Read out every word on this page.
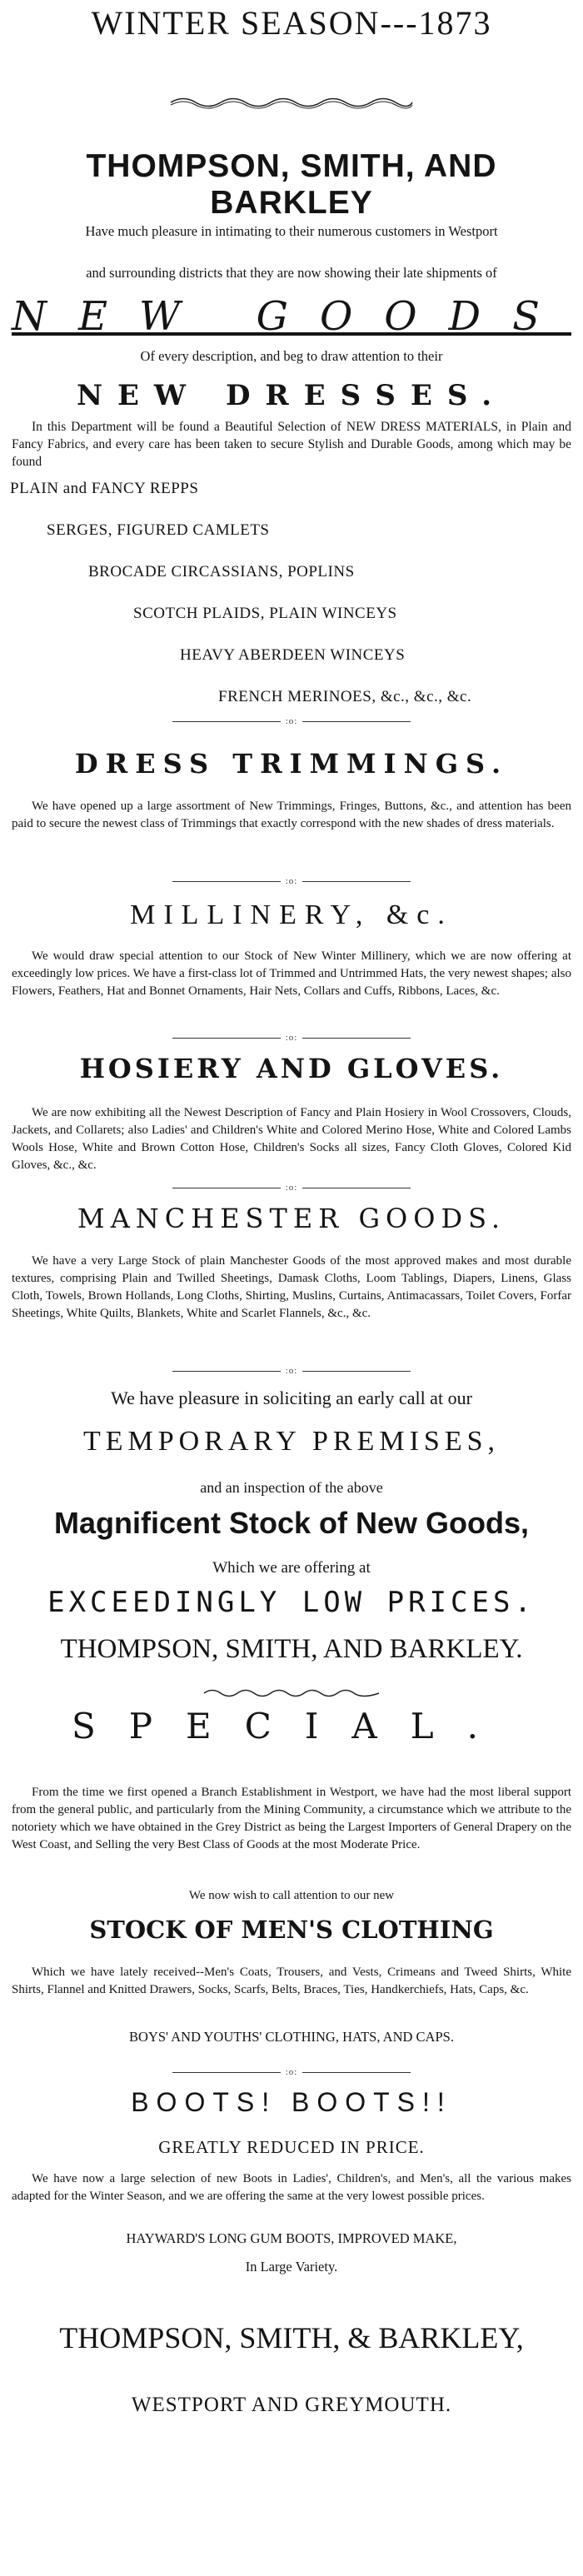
WINTER SEASON---1873
THOMPSON, SMITH, AND BARKLEY
Have much pleasure in intimating to their numerous customers in Westport
and surrounding districts that they are now showing their late shipments of
NEW GOODS
Of every description, and beg to draw attention to their
NEW DRESSES.
In this Department will be found a Beautiful Selection of NEW DRESS MATERIALS, in Plain and Fancy Fabrics, and every care has been taken to secure Stylish and Durable Goods, among which may be found
PLAIN and FANCY REPPS
SERGES, FIGURED CAMLETS
BROCADE CIRCASSIANS, POPLINS
SCOTCH PLAIDS, PLAIN WINCEYS
HEAVY ABERDEEN WINCEYS
FRENCH MERINOES, &c., &c., &c.
:o:
DRESS TRIMMINGS.
We have opened up a large assortment of New Trimmings, Fringes, Buttons, &c., and attention has been paid to secure the newest class of Trimmings that exactly correspond with the new shades of dress materials.
:o:
MILLINERY, &c.
We would draw special attention to our Stock of New Winter Millinery, which we are now offering at exceedingly low prices. We have a first-class lot of Trimmed and Untrimmed Hats, the very newest shapes; also Flowers, Feathers, Hat and Bonnet Ornaments, Hair Nets, Collars and Cuffs, Ribbons, Laces, &c.
:o:
HOSIERY AND GLOVES.
We are now exhibiting all the Newest Description of Fancy and Plain Hosiery in Wool Crossovers, Clouds, Jackets, and Collarets; also Ladies' and Children's White and Colored Merino Hose, White and Colored Lambs Wools Hose, White and Brown Cotton Hose, Children's Socks all sizes, Fancy Cloth Gloves, Colored Kid Gloves, &c., &c.
:o:
MANCHESTER GOODS.
We have a very Large Stock of plain Manchester Goods of the most approved makes and most durable textures, comprising Plain and Twilled Sheetings, Damask Cloths, Loom Tablings, Diapers, Linens, Glass Cloth, Towels, Brown Hollands, Long Cloths, Shirting, Muslins, Curtains, Antimacassars, Toilet Covers, Forfar Sheetings, White Quilts, Blankets, White and Scarlet Flannels, &c., &c.
:o:
We have pleasure in soliciting an early call at our
TEMPORARY PREMISES,
and an inspection of the above
Magnificent Stock of New Goods,
Which we are offering at
EXCEEDINGLY LOW PRICES.
THOMPSON, SMITH, AND BARKLEY.
SPECIAL.
From the time we first opened a Branch Establishment in Westport, we have had the most liberal support from the general public, and particularly from the Mining Community, a circumstance which we attribute to the notoriety which we have obtained in the Grey District as being the Largest Importers of General Drapery on the West Coast, and Selling the very Best Class of Goods at the most Moderate Price.
We now wish to call attention to our new
STOCK OF MEN'S CLOTHING
Which we have lately received--Men's Coats, Trousers, and Vests, Crimeans and Tweed Shirts, White Shirts, Flannel and Knitted Drawers, Socks, Scarfs, Belts, Braces, Ties, Handkerchiefs, Hats, Caps, &c.
BOYS' AND YOUTHS' CLOTHING, HATS, AND CAPS.
:o:
BOOTS! BOOTS!!
GREATLY REDUCED IN PRICE.
We have now a large selection of new Boots in Ladies', Children's, and Men's, all the various makes adapted for the Winter Season, and we are offering the same at the very lowest possible prices.
HAYWARD'S LONG GUM BOOTS, IMPROVED MAKE,
In Large Variety.
THOMPSON, SMITH, & BARKLEY,
WESTPORT AND GREYMOUTH.
